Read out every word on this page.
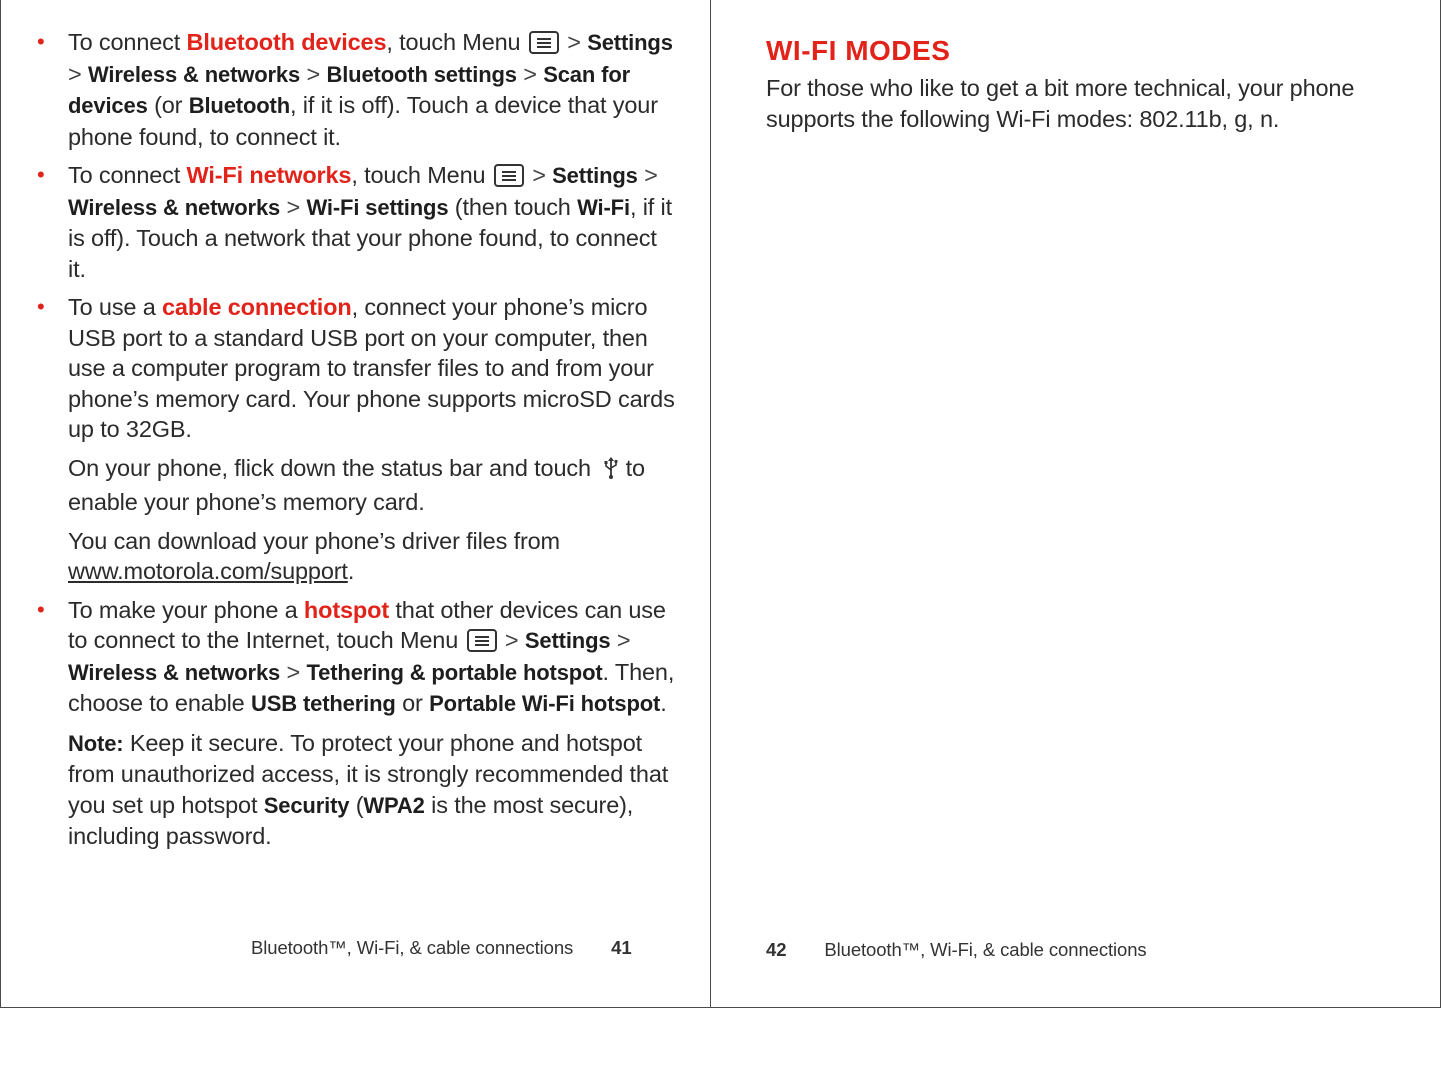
• To connect Bluetooth devices, touch Menu
> Settings > Wireless & networks > Bluetooth settings > Scan for devices (or Bluetooth, if it is off). Touch a device that your phone found, to connect it.

• To connect Wi-Fi networks, touch Menu
> Settings > Wireless & networks > Wi-Fi settings (then touch Wi-Fi, if it is off). Touch a network that your phone found, to connect it.

• To use a cable connection, connect your phone’s micro USB port to a standard USB port on your computer, then use a computer program to transfer files to and from your phone’s memory card. Your phone supports microSD cards up to 32GB.

On your phone, flick down the status bar and touch  to enable your phone’s memory card.

You can download your phone’s driver files from www.motorola.com/support.

• To make your phone a hotspot that other devices can use to connect to the Internet, touch Menu
> Settings > Wireless & networks > Tethering & portable hotspot. Then, choose to enable USB tethering or Portable Wi-Fi hotspot.

Note: Keep it secure. To protect your phone and hotspot from unauthorized access, it is strongly recommended that you set up hotspot Security (WPA2 is the most secure), including password.

Bluetooth™, Wi-Fi, & cable connections 41
WI-FI MODES

For those who like to get a bit more technical, your phone supports the following Wi-Fi modes: 802.11b, g, n.

42 Bluetooth™, Wi-Fi, & cable connections
